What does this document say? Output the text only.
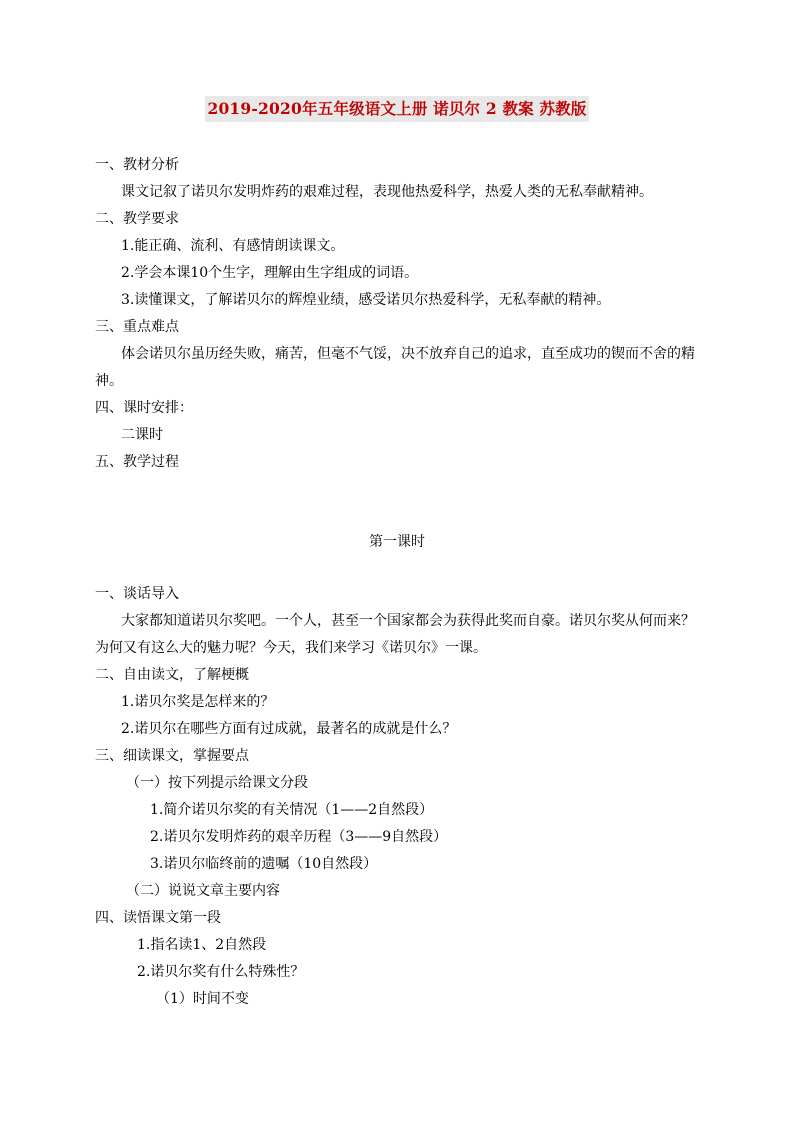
2019-2020年五年级语文上册 诺贝尔 2 教案 苏教版
一、教材分析
课文记叙了诺贝尔发明炸药的艰难过程，表现他热爱科学，热爱人类的无私奉献精神。
二、教学要求
1.能正确、流利、有感情朗读课文。
2.学会本课10个生字，理解由生字组成的词语。
3.读懂课文，了解诺贝尔的辉煌业绩，感受诺贝尔热爱科学，无私奉献的精神。
三、重点难点
体会诺贝尔虽历经失败，痛苦，但毫不气馁，决不放弃自己的追求，直至成功的锲而不舍的精
神。
四、课时安排：
二课时
五、教学过程
第一课时
一、谈话导入
大家都知道诺贝尔奖吧。一个人，甚至一个国家都会为获得此奖而自豪。诺贝尔奖从何而来？
为何又有这么大的魅力呢？今天，我们来学习《诺贝尔》一课。
二、自由读文，了解梗概
1.诺贝尔奖是怎样来的？
2.诺贝尔在哪些方面有过成就，最著名的成就是什么？
三、细读课文，掌握要点
（一）按下列提示给课文分段
1.简介诺贝尔奖的有关情况（1——2自然段）
2.诺贝尔发明炸药的艰辛历程（3——9自然段）
3.诺贝尔临终前的遗嘱（10自然段）
（二）说说文章主要内容
四、读悟课文第一段
1.指名读1、2自然段
2.诺贝尔奖有什么特殊性？
（1）时间不变
